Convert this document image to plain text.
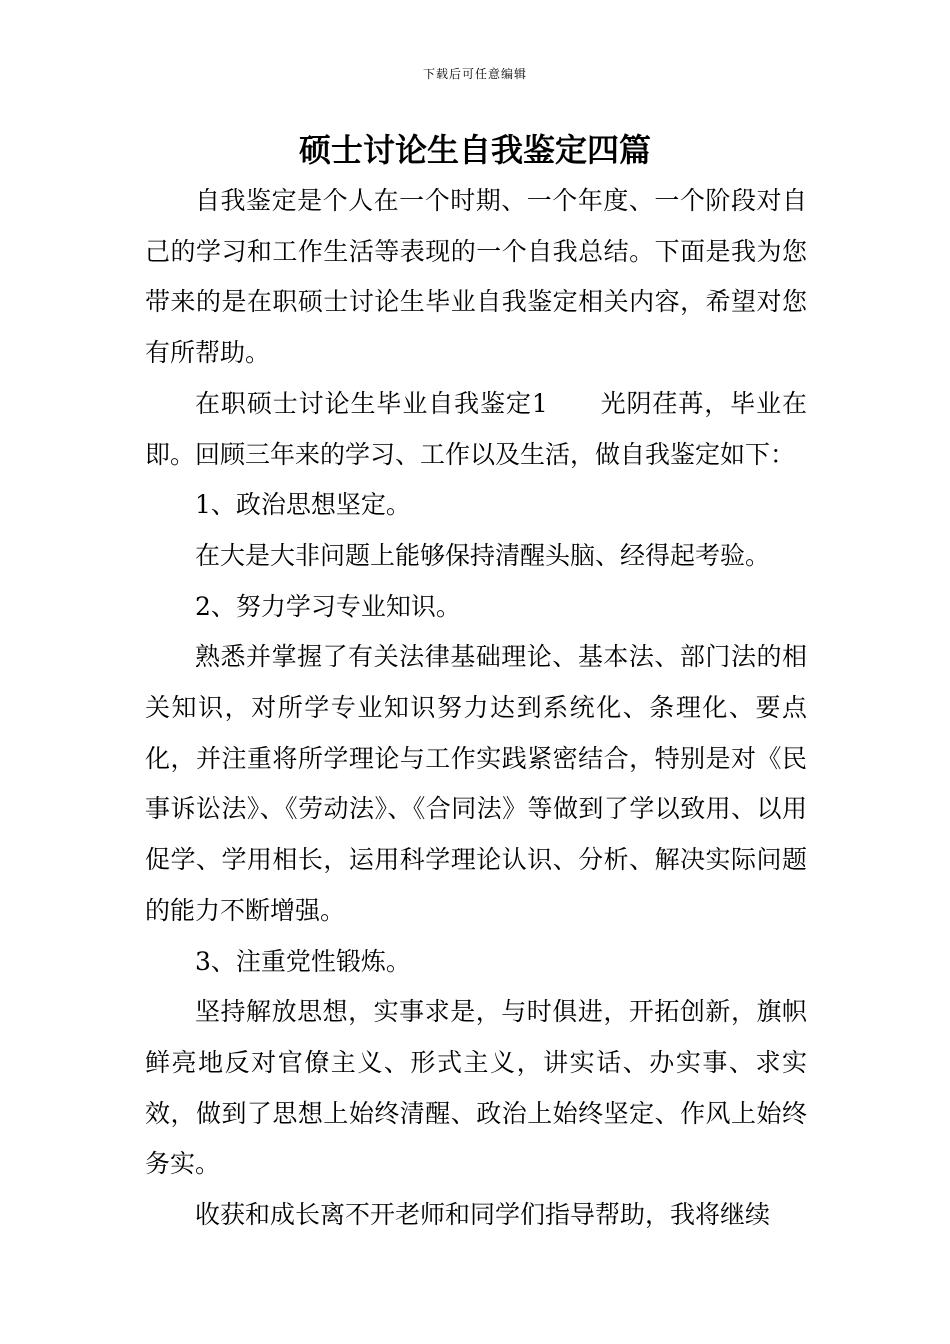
下载后可任意编辑
硕士讨论生自我鉴定四篇

自我鉴定是个人在一个时期、一个年度、一个阶段对自己的学习和工作生活等表现的一个自我总结。下面是我为您带来的是在职硕士讨论生毕业自我鉴定相关内容，希望对您有所帮助。

在职硕士讨论生毕业自我鉴定1　　光阴荏苒，毕业在即。回顾三年来的学习、工作以及生活，做自我鉴定如下：

1、政治思想坚定。

在大是大非问题上能够保持清醒头脑、经得起考验。

2、努力学习专业知识。

熟悉并掌握了有关法律基础理论、基本法、部门法的相关知识，对所学专业知识努力达到系统化、条理化、要点化，并注重将所学理论与工作实践紧密结合，特别是对《民事诉讼法》、《劳动法》、《合同法》等做到了学以致用、以用促学、学用相长，运用科学理论认识、分析、解决实际问题的能力不断增强。

3、注重党性锻炼。

坚持解放思想，实事求是，与时俱进，开拓创新，旗帜鲜亮地反对官僚主义、形式主义，讲实话、办实事、求实效，做到了思想上始终清醒、政治上始终坚定、作风上始终务实。

收获和成长离不开老师和同学们指导帮助，我将继续
